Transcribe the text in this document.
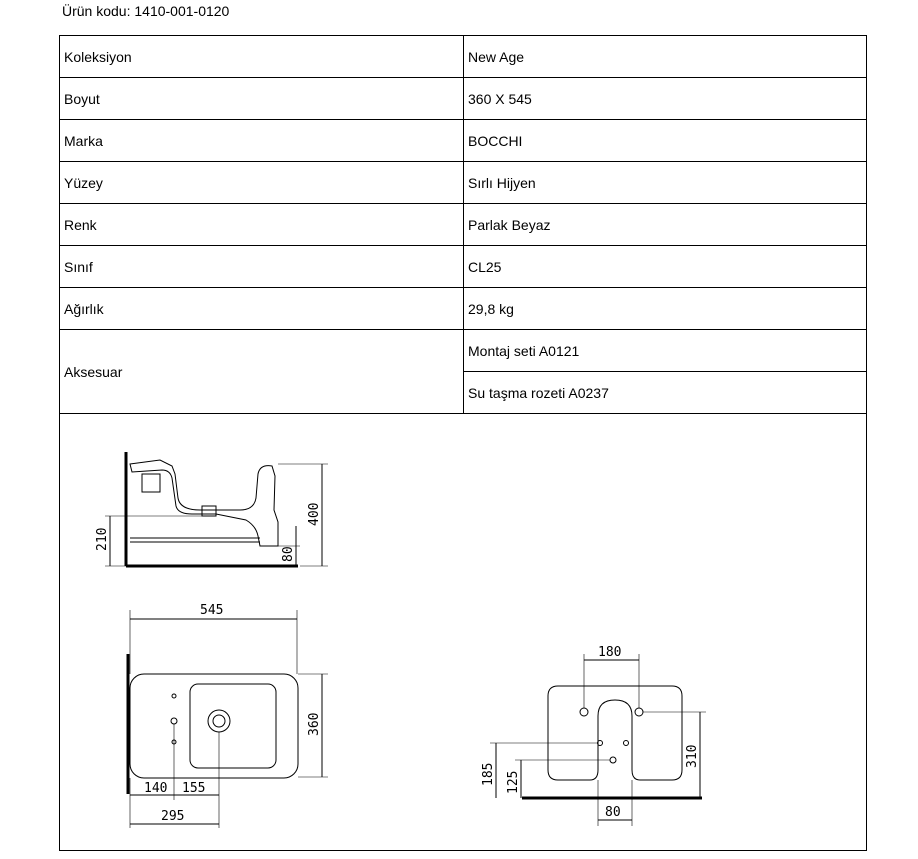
Ürün kodu: 1410-001-0120
Koleksiyon	New Age
Boyut	360 X 545
Marka	BOCCHI
Yüzey	Sırlı Hijyen
Renk	Parlak Beyaz
Sınıf	CL25
Ağırlık	29,8 kg
Aksesuar	Montaj seti A0121
	Su taşma rozeti A0237
210
400
80
545
360
140 155
295
180
310
185 125
80
